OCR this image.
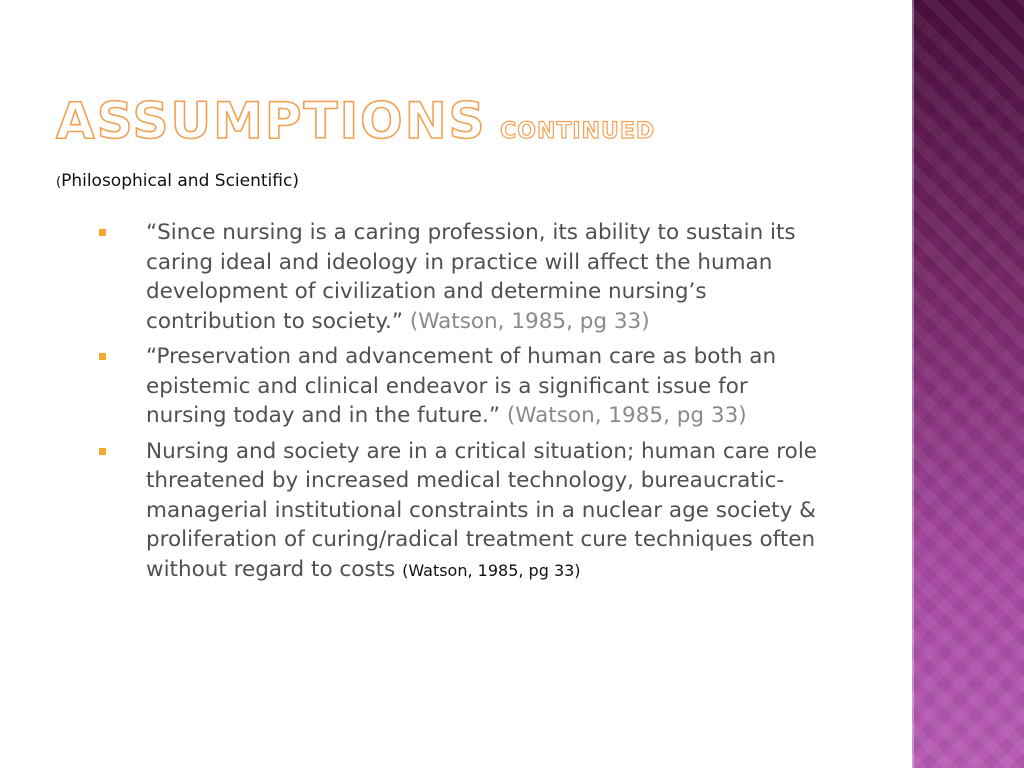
ASSUMPTIONS CONTINUED
(Philosophical and Scientific)
“Since nursing is a caring profession, its ability to sustain its caring ideal and ideology in practice will affect the human development of civilization and determine nursing’s contribution to society.” (Watson, 1985, pg 33)
“Preservation and advancement of human care as both an epistemic and clinical endeavor is a significant issue for nursing today and in the future.” (Watson, 1985, pg 33)
Nursing and society are in a critical situation; human care role threatened by increased medical technology, bureaucratic-managerial institutional constraints in a nuclear age society & proliferation of curing/radical treatment cure techniques often without regard to costs (Watson, 1985, pg 33)
